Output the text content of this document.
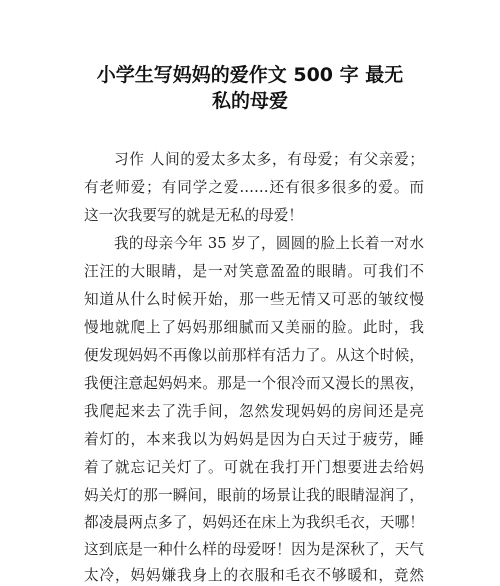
小学生写妈妈的爱作文 500 字 最无
私的母爱

习作 人间的爱太多太多，有母爱；有父亲爱；

有老师爱；有同学之爱……还有很多很多的爱。而

这一次我要写的就是无私的母爱！

我的母亲今年 35 岁了，圆圆的脸上长着一对水

汪汪的大眼睛，是一对笑意盈盈的眼睛。可我们不

知道从什么时候开始，那一些无情又可恶的皱纹慢

慢地就爬上了妈妈那细腻而又美丽的脸。此时，我

便发现妈妈不再像以前那样有活力了。从这个时候，

我便注意起妈妈来。那是一个很冷而又漫长的黑夜，

我爬起来去了洗手间，忽然发现妈妈的房间还是亮

着灯的，本来我以为妈妈是因为白天过于疲劳，睡

着了就忘记关灯了。可就在我打开门想要进去给妈

妈关灯的那一瞬间，眼前的场景让我的眼睛湿润了，

都凌晨两点多了，妈妈还在床上为我织毛衣，天哪！

这到底是一种什么样的母爱呀！因为是深秋了，天气

太冷，妈妈嫌我身上的衣服和毛衣不够暖和，竟然
